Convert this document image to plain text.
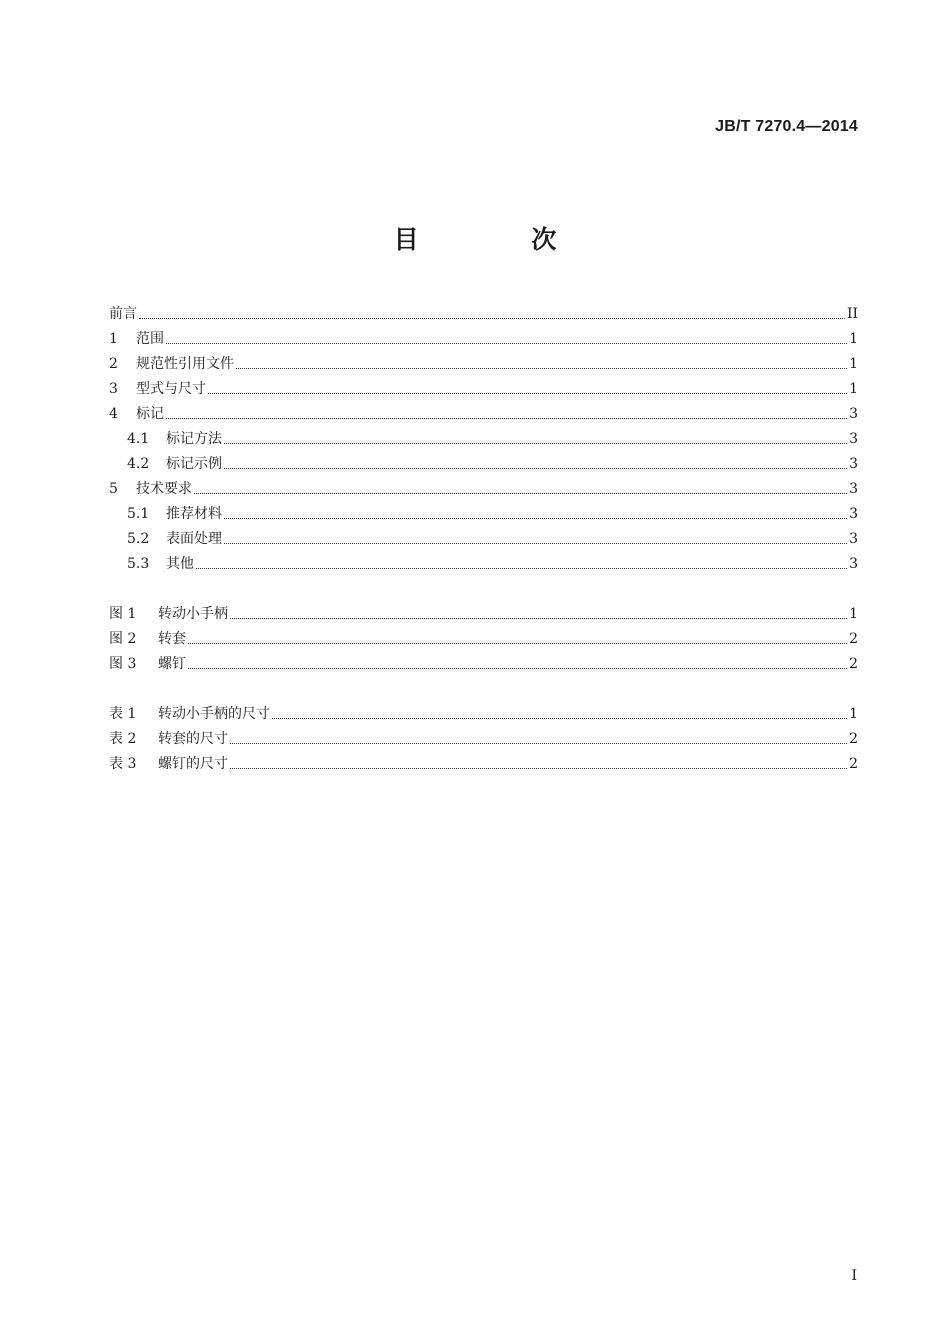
JB/T 7270.4—2014
目 次
前言	II
1	范围	1
2	规范性引用文件	1
3	型式与尺寸	1
4	标记	3
4.1	标记方法	3
4.2	标记示例	3
5	技术要求	3
5.1	推荐材料	3
5.2	表面处理	3
5.3	其他	3
图 1	转动小手柄	1
图 2	转套	2
图 3	螺钉	2
表 1	转动小手柄的尺寸	1
表 2	转套的尺寸	2
表 3	螺钉的尺寸	2
I
